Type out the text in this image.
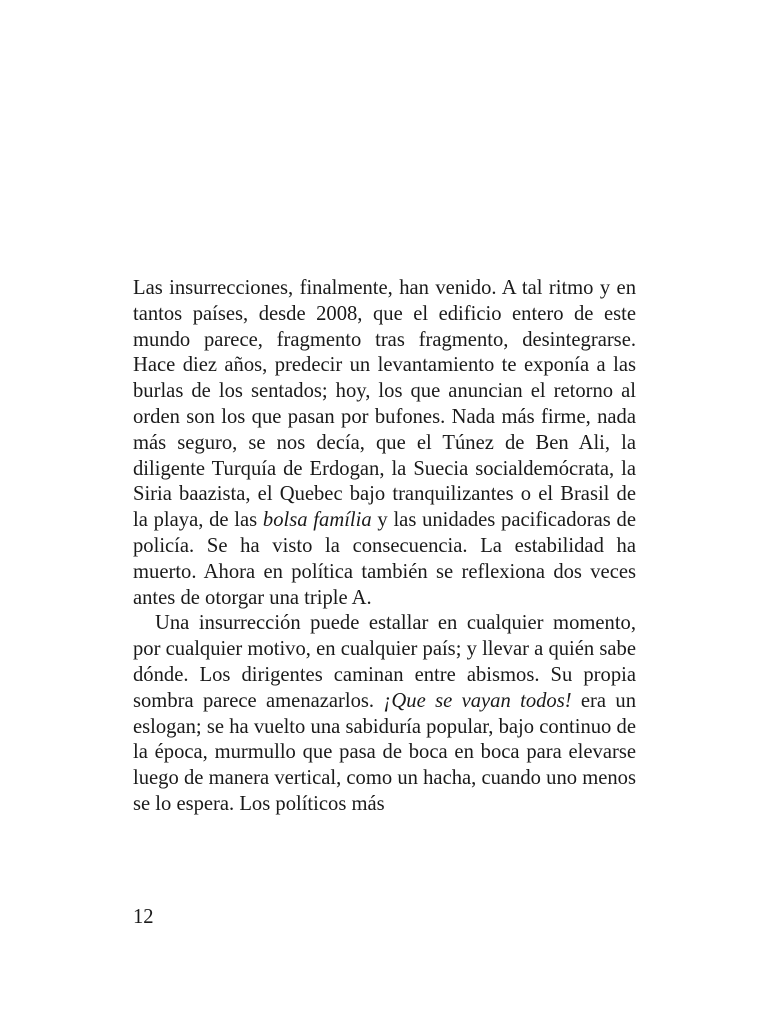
Las insurrecciones, finalmente, han venido. A tal ritmo y en tantos países, desde 2008, que el edificio entero de este mundo parece, fragmento tras fragmento, desintegrarse. Hace diez años, predecir un levantamiento te exponía a las burlas de los sentados; hoy, los que anuncian el retorno al orden son los que pasan por bufones. Nada más firme, nada más seguro, se nos decía, que el Túnez de Ben Ali, la diligente Turquía de Erdogan, la Suecia socialdemócrata, la Siria baazista, el Quebec bajo tranquilizantes o el Brasil de la playa, de las bolsa família y las unidades pacificadoras de policía. Se ha visto la consecuencia. La estabilidad ha muerto. Ahora en política también se reflexiona dos veces antes de otorgar una triple A.

Una insurrección puede estallar en cualquier momento, por cualquier motivo, en cualquier país; y llevar a quién sabe dónde. Los dirigentes caminan entre abismos. Su propia sombra parece amenazarlos. ¡Que se vayan todos! era un eslogan; se ha vuelto una sabiduría popular, bajo continuo de la época, murmullo que pasa de boca en boca para elevarse luego de manera vertical, como un hacha, cuando uno menos se lo espera. Los políticos más

12
